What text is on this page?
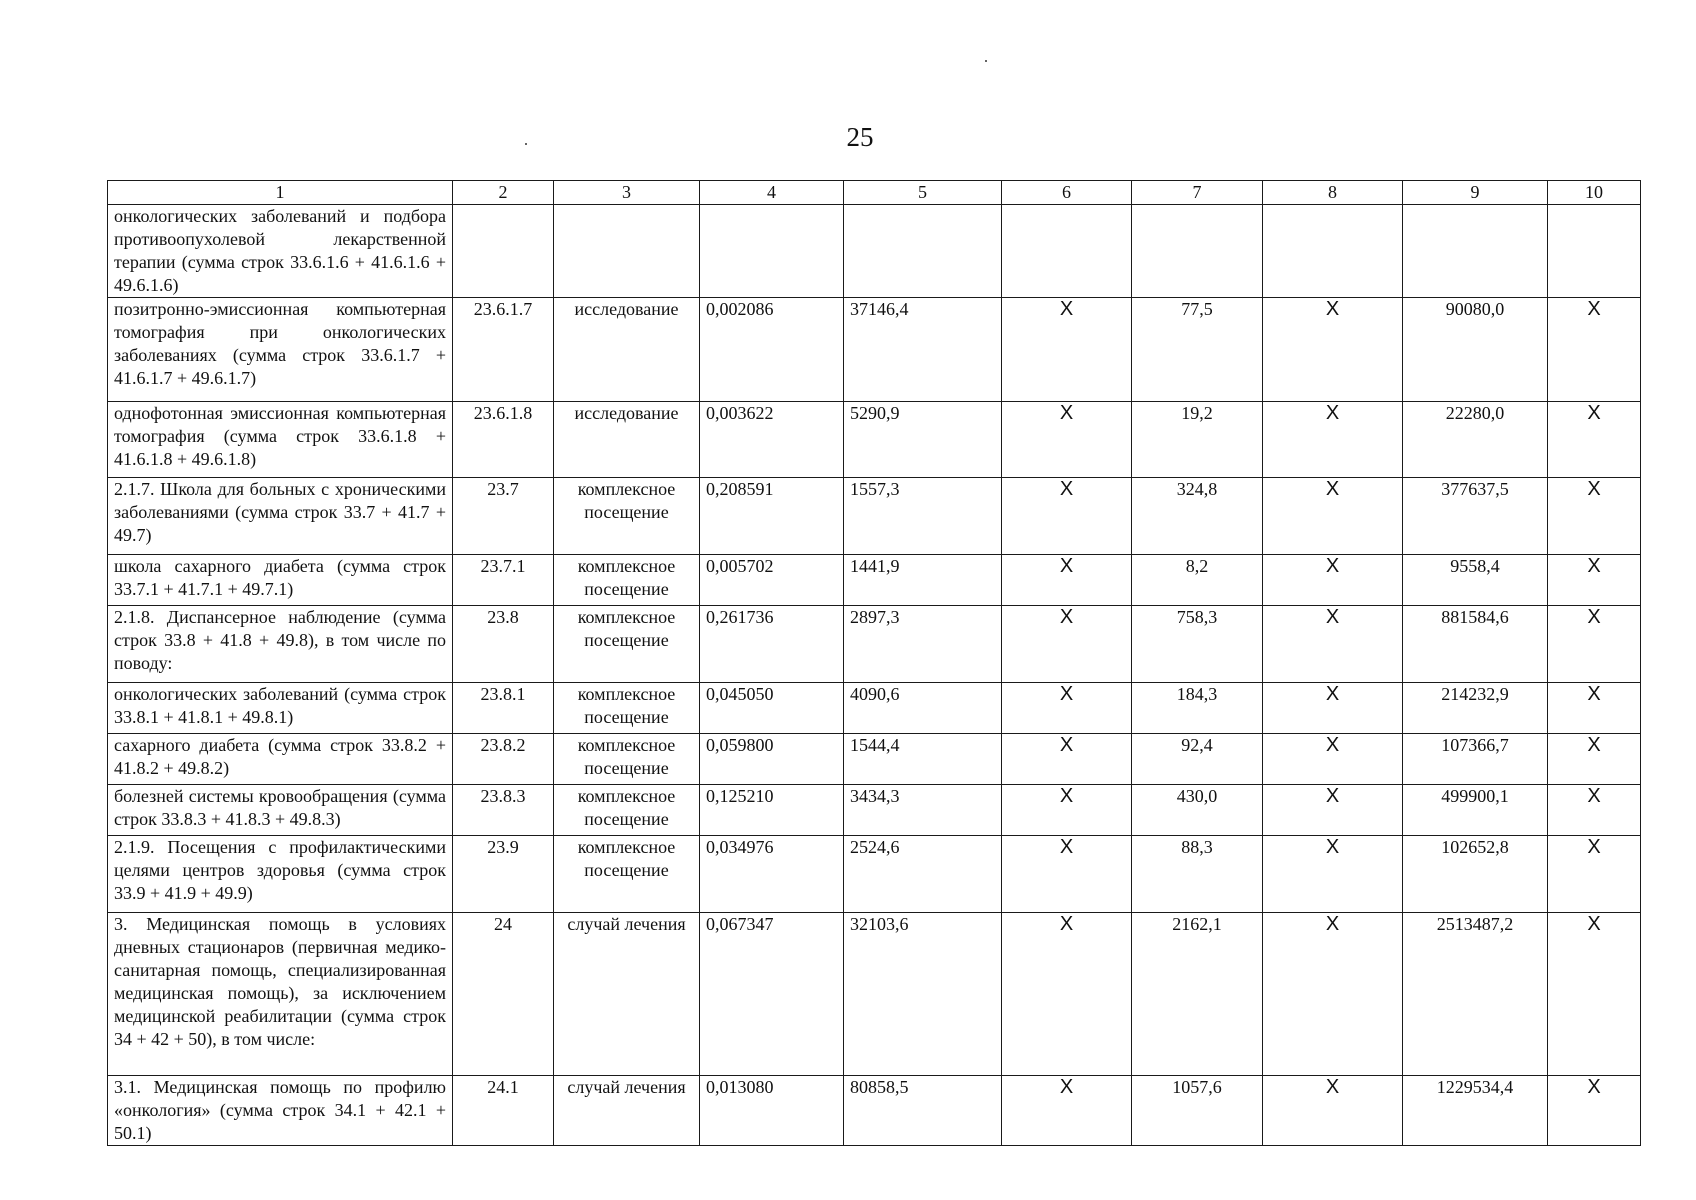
25
1	2	3	4	5	6	7	8	9	10
онкологических заболеваний и подбора противоопухолевой лекарственной терапии (сумма строк 33.6.1.6 + 41.6.1.6 + 49.6.1.6)									
позитронно-эмиссионная компьютерная томография при онкологических заболеваниях (сумма строк 33.6.1.7 + 41.6.1.7 + 49.6.1.7)	23.6.1.7	исследование	0,002086	37146,4	Х	77,5	Х	90080,0	Х
однофотонная эмиссионная компьютерная томография (сумма строк 33.6.1.8 + 41.6.1.8 + 49.6.1.8)	23.6.1.8	исследование	0,003622	5290,9	Х	19,2	Х	22280,0	Х
2.1.7. Школа для больных с хроническими заболеваниями (сумма строк 33.7 + 41.7 + 49.7)	23.7	комплексное посещение	0,208591	1557,3	Х	324,8	Х	377637,5	Х
школа сахарного диабета (сумма строк 33.7.1 + 41.7.1 + 49.7.1)	23.7.1	комплексное посещение	0,005702	1441,9	Х	8,2	Х	9558,4	Х
2.1.8. Диспансерное наблюдение (сумма строк 33.8 + 41.8 + 49.8), в том числе по поводу:	23.8	комплексное посещение	0,261736	2897,3	Х	758,3	Х	881584,6	Х
онкологических заболеваний (сумма строк 33.8.1 + 41.8.1 + 49.8.1)	23.8.1	комплексное посещение	0,045050	4090,6	Х	184,3	Х	214232,9	Х
сахарного диабета (сумма строк 33.8.2 + 41.8.2 + 49.8.2)	23.8.2	комплексное посещение	0,059800	1544,4	Х	92,4	Х	107366,7	Х
болезней системы кровообращения (сумма строк 33.8.3 + 41.8.3 + 49.8.3)	23.8.3	комплексное посещение	0,125210	3434,3	Х	430,0	Х	499900,1	Х
2.1.9. Посещения с профилактическими целями центров здоровья (сумма строк 33.9 + 41.9 + 49.9)	23.9	комплексное посещение	0,034976	2524,6	Х	88,3	Х	102652,8	Х
3. Медицинская помощь в условиях дневных стационаров (первичная медико-санитарная помощь, специализированная медицинская помощь), за исключением медицинской реабилитации (сумма строк 34 + 42 + 50), в том числе:	24	случай лечения	0,067347	32103,6	Х	2162,1	Х	2513487,2	Х
3.1. Медицинская помощь по профилю «онкология» (сумма строк 34.1 + 42.1 + 50.1)	24.1	случай лечения	0,013080	80858,5	Х	1057,6	Х	1229534,4	Х
